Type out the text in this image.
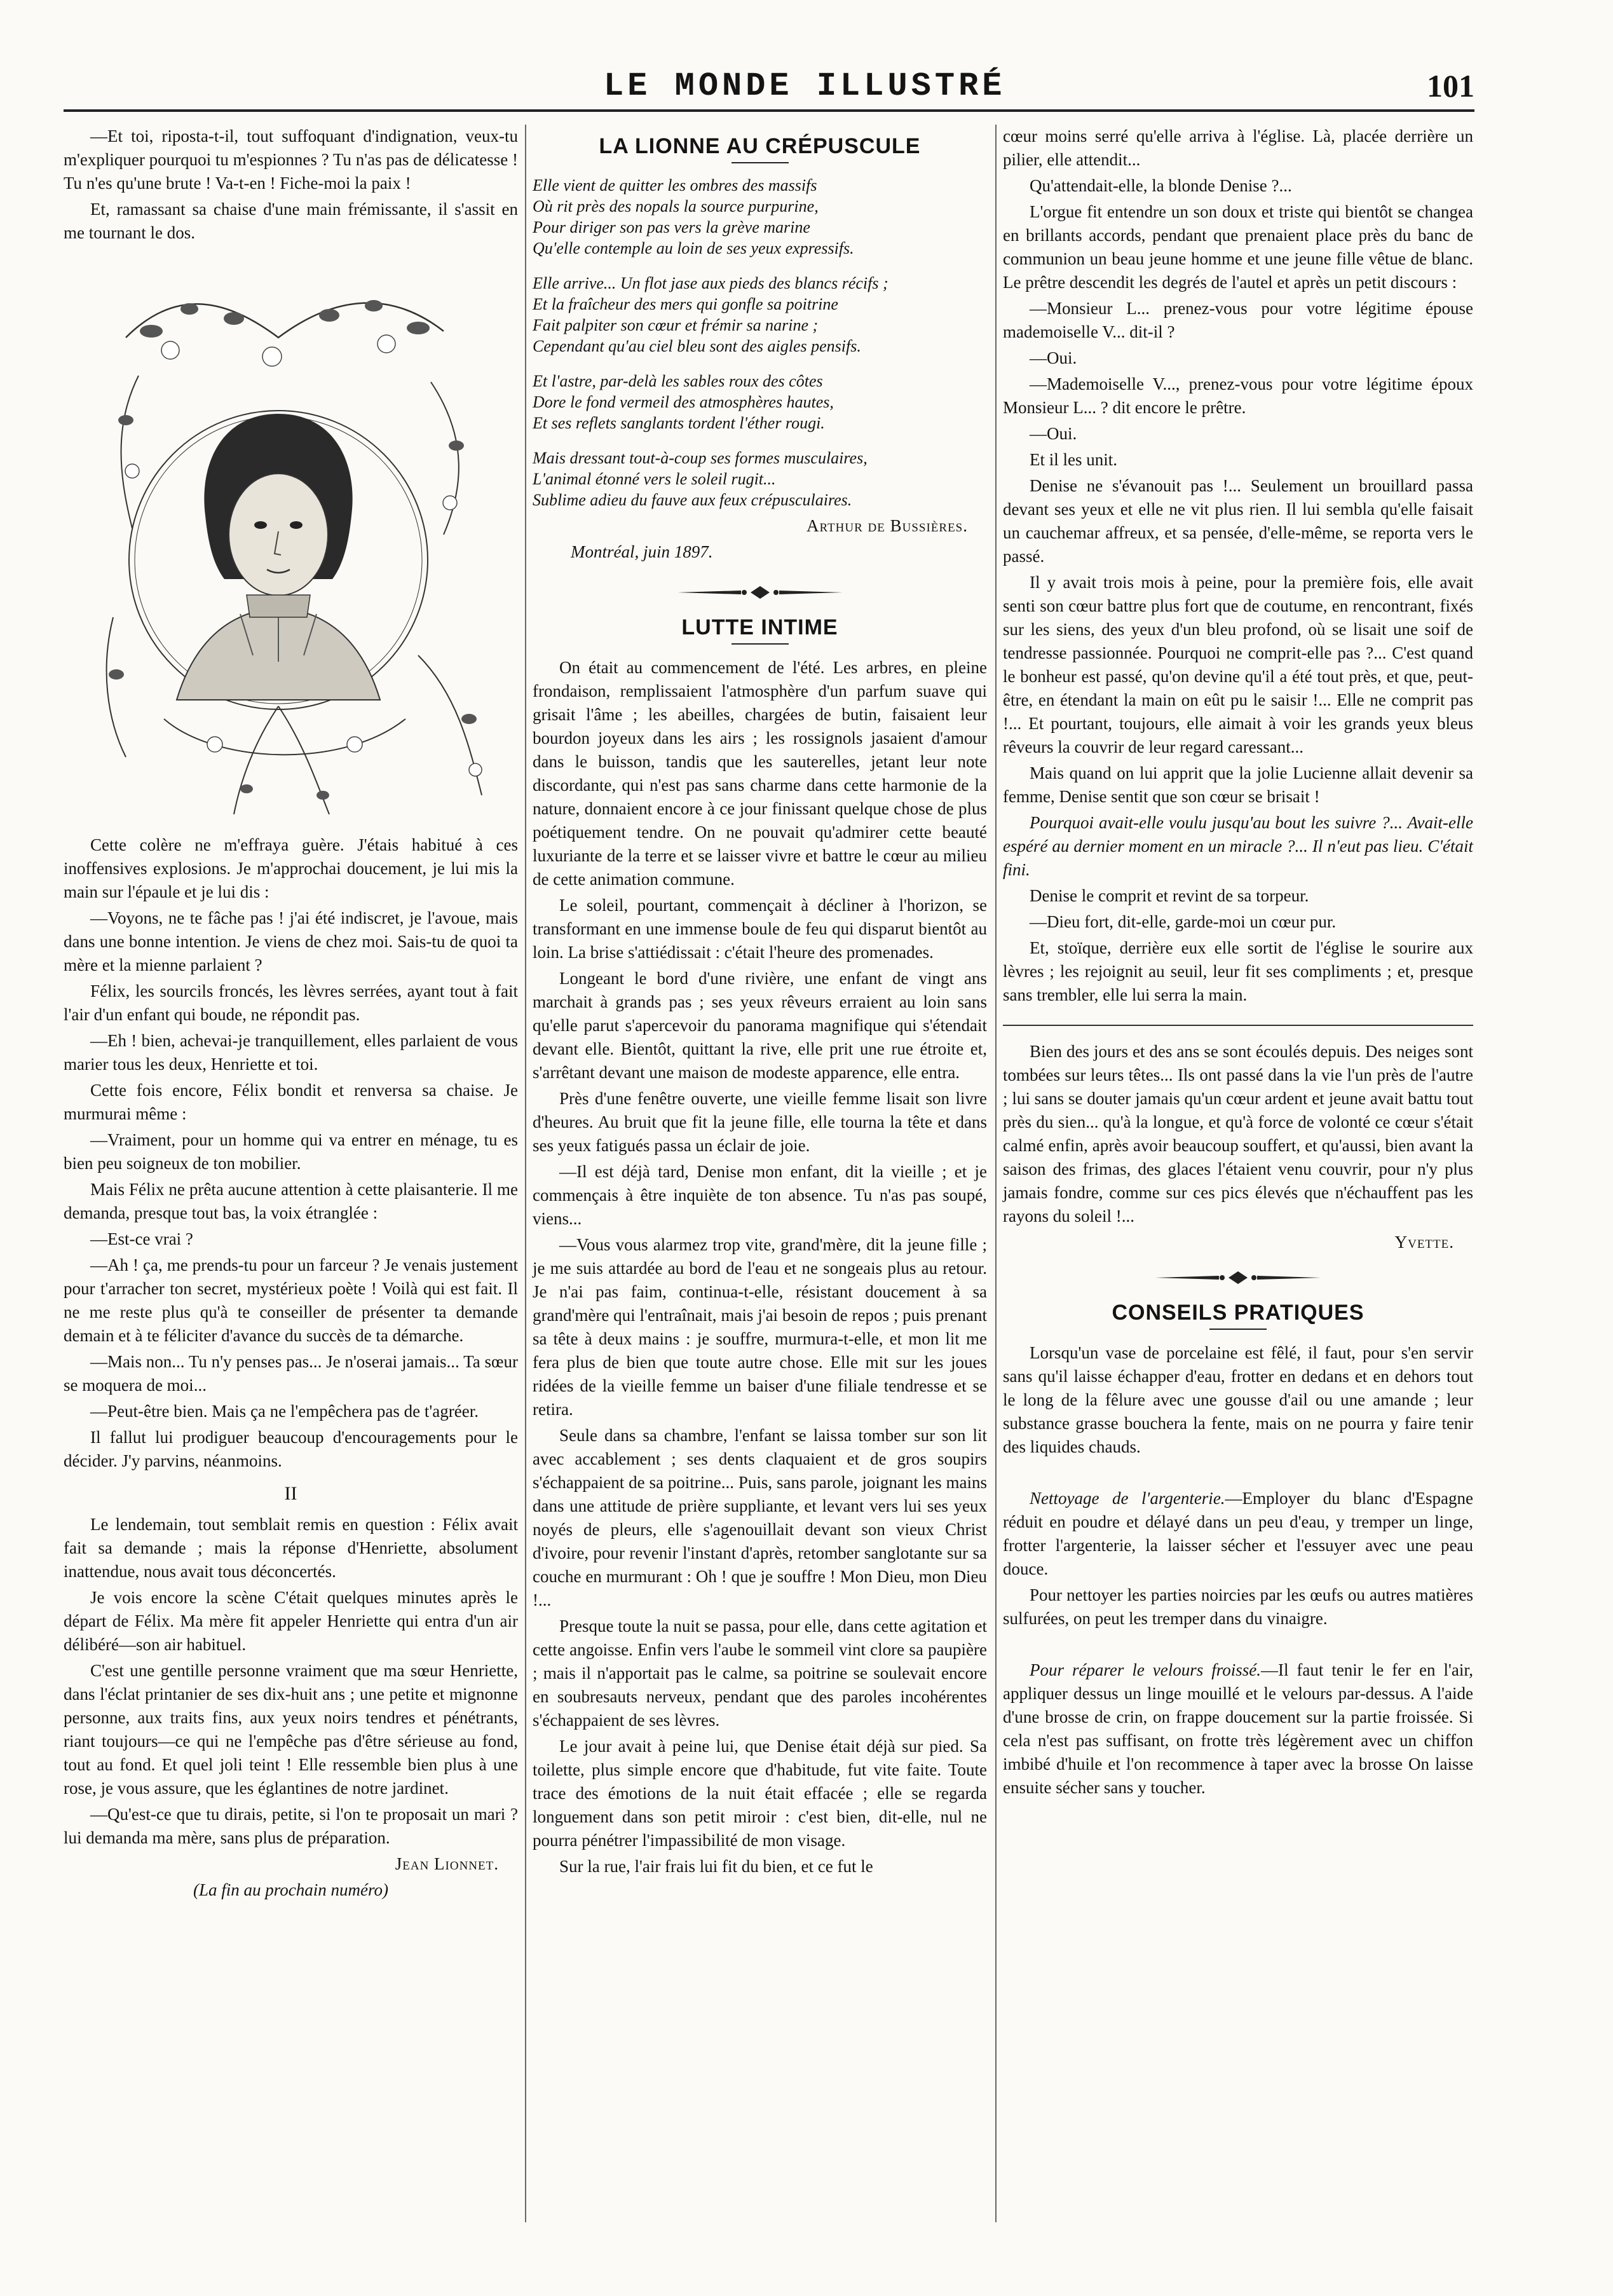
LE MONDE ILLUSTRÉ	101

—Et toi, riposta-t-il, tout suffoquant d'indignation, veux-tu m'expliquer pourquoi tu m'espionnes ? Tu n'as pas de délicatesse ! Tu n'es qu'une brute ! Va-t-en ! Fiche-moi la paix !

Et, ramassant sa chaise d'une main frémissante, il s'assit en me tournant le dos.

Cette colère ne m'effraya guère. J'étais habitué à ces inoffensives explosions. Je m'approchai doucement, je lui mis la main sur l'épaule et je lui dis :

—Voyons, ne te fâche pas ! j'ai été indiscret, je l'avoue, mais dans une bonne intention. Je viens de chez moi. Sais-tu de quoi ta mère et la mienne parlaient ?

Félix, les sourcils froncés, les lèvres serrées, ayant tout à fait l'air d'un enfant qui boude, ne répondit pas.

—Eh ! bien, achevai-je tranquillement, elles parlaient de vous marier tous les deux, Henriette et toi.

Cette fois encore, Félix bondit et renversa sa chaise. Je murmurai même :

—Vraiment, pour un homme qui va entrer en ménage, tu es bien peu soigneux de ton mobilier.

Mais Félix ne prêta aucune attention à cette plaisanterie. Il me demanda, presque tout bas, la voix étranglée :

—Est-ce vrai ?

—Ah ! ça, me prends-tu pour un farceur ? Je venais justement pour t'arracher ton secret, mystérieux poète ! Voilà qui est fait. Il ne me reste plus qu'à te conseiller de présenter ta demande demain et à te féliciter d'avance du succès de ta démarche.

—Mais non... Tu n'y penses pas... Je n'oserai jamais... Ta sœur se moquera de moi...

—Peut-être bien. Mais ça ne l'empêchera pas de t'agréer.

Il fallut lui prodiguer beaucoup d'encouragements pour le décider. J'y parvins, néanmoins.

II

Le lendemain, tout semblait remis en question : Félix avait fait sa demande ; mais la réponse d'Henriette, absolument inattendue, nous avait tous déconcertés.

Je vois encore la scène C'était quelques minutes après le départ de Félix. Ma mère fit appeler Henriette qui entra d'un air délibéré—son air habituel.

C'est une gentille personne vraiment que ma sœur Henriette, dans l'éclat printanier de ses dix-huit ans ; une petite et mignonne personne, aux traits fins, aux yeux noirs tendres et pénétrants, riant toujours—ce qui ne l'empêche pas d'être sérieuse au fond, tout au fond. Et quel joli teint ! Elle ressemble bien plus à une rose, je vous assure, que les églantines de notre jardinet.

—Qu'est-ce que tu dirais, petite, si l'on te proposait un mari ? lui demanda ma mère, sans plus de préparation.

Jean Lionnet.

(La fin au prochain numéro)

LA LIONNE AU CRÉPUSCULE
Elle vient de quitter les ombres des massifs
Où rit près des nopals la source purpurine,
Pour diriger son pas vers la grève marine
Qu'elle contemple au loin de ses yeux expressifs.
Elle arrive... Un flot jase aux pieds des blancs récifs ;
Et la fraîcheur des mers qui gonfle sa poitrine
Fait palpiter son cœur et frémir sa narine ;
Cependant qu'au ciel bleu sont des aigles pensifs.
Et l'astre, par-delà les sables roux des côtes
Dore le fond vermeil des atmosphères hautes,
Et ses reflets sanglants tordent l'éther rougi.
Mais dressant tout-à-coup ses formes musculaires,
L'animal étonné vers le soleil rugit...
Sublime adieu du fauve aux feux crépusculaires.

Arthur de Bussières.

Montréal, juin 1897.

LUTTE INTIME

On était au commencement de l'été. Les arbres, en pleine frondaison, remplissaient l'atmosphère d'un parfum suave qui grisait l'âme ; les abeilles, chargées de butin, faisaient leur bourdon joyeux dans les airs ; les rossignols jasaient d'amour dans le buisson, tandis que les sauterelles, jetant leur note discordante, qui n'est pas sans charme dans cette harmonie de la nature, donnaient encore à ce jour finissant quelque chose de plus poétiquement tendre. On ne pouvait qu'admirer cette beauté luxuriante de la terre et se laisser vivre et battre le cœur au milieu de cette animation commune.

Le soleil, pourtant, commençait à décliner à l'horizon, se transformant en une immense boule de feu qui disparut bientôt au loin. La brise s'attiédissait : c'était l'heure des promenades.

Longeant le bord d'une rivière, une enfant de vingt ans marchait à grands pas ; ses yeux rêveurs erraient au loin sans qu'elle parut s'apercevoir du panorama magnifique qui s'étendait devant elle. Bientôt, quittant la rive, elle prit une rue étroite et, s'arrêtant devant une maison de modeste apparence, elle entra.

Près d'une fenêtre ouverte, une vieille femme lisait son livre d'heures. Au bruit que fit la jeune fille, elle tourna la tête et dans ses yeux fatigués passa un éclair de joie.

—Il est déjà tard, Denise mon enfant, dit la vieille ; et je commençais à être inquiète de ton absence. Tu n'as pas soupé, viens...

—Vous vous alarmez trop vite, grand'mère, dit la jeune fille ; je me suis attardée au bord de l'eau et ne songeais plus au retour. Je n'ai pas faim, continua-t-elle, résistant doucement à sa grand'mère qui l'entraînait, mais j'ai besoin de repos ; puis prenant sa tête à deux mains : je souffre, murmura-t-elle, et mon lit me fera plus de bien que toute autre chose. Elle mit sur les joues ridées de la vieille femme un baiser d'une filiale tendresse et se retira.

Seule dans sa chambre, l'enfant se laissa tomber sur son lit avec accablement ; ses dents claquaient et de gros soupirs s'échappaient de sa poitrine... Puis, sans parole, joignant les mains dans une attitude de prière suppliante, et levant vers lui ses yeux noyés de pleurs, elle s'agenouillait devant son vieux Christ d'ivoire, pour revenir l'instant d'après, retomber sanglotante sur sa couche en murmurant : Oh ! que je souffre ! Mon Dieu, mon Dieu !...

Presque toute la nuit se passa, pour elle, dans cette agitation et cette angoisse. Enfin vers l'aube le sommeil vint clore sa paupière ; mais il n'apportait pas le calme, sa poitrine se soulevait encore en soubresauts nerveux, pendant que des paroles incohérentes s'échappaient de ses lèvres.

Le jour avait à peine lui, que Denise était déjà sur pied. Sa toilette, plus simple encore que d'habitude, fut vite faite. Toute trace des émotions de la nuit était effacée ; elle se regarda longuement dans son petit miroir : c'est bien, dit-elle, nul ne pourra pénétrer l'impassibilité de mon visage.

Sur la rue, l'air frais lui fit du bien, et ce fut le

cœur moins serré qu'elle arriva à l'église. Là, placée derrière un pilier, elle attendit...

Qu'attendait-elle, la blonde Denise ?...

L'orgue fit entendre un son doux et triste qui bientôt se changea en brillants accords, pendant que prenaient place près du banc de communion un beau jeune homme et une jeune fille vêtue de blanc. Le prêtre descendit les degrés de l'autel et après un petit discours :

—Monsieur L... prenez-vous pour votre légitime épouse mademoiselle V... dit-il ?

—Oui.

—Mademoiselle V..., prenez-vous pour votre légitime époux Monsieur L... ? dit encore le prêtre.

—Oui.

Et il les unit.

Denise ne s'évanouit pas !... Seulement un brouillard passa devant ses yeux et elle ne vit plus rien. Il lui sembla qu'elle faisait un cauchemar affreux, et sa pensée, d'elle-même, se reporta vers le passé.

Il y avait trois mois à peine, pour la première fois, elle avait senti son cœur battre plus fort que de coutume, en rencontrant, fixés sur les siens, des yeux d'un bleu profond, où se lisait une soif de tendresse passionnée. Pourquoi ne comprit-elle pas ?... C'est quand le bonheur est passé, qu'on devine qu'il a été tout près, et que, peut-être, en étendant la main on eût pu le saisir !... Elle ne comprit pas !... Et pourtant, toujours, elle aimait à voir les grands yeux bleus rêveurs la couvrir de leur regard caressant...

Mais quand on lui apprit que la jolie Lucienne allait devenir sa femme, Denise sentit que son cœur se brisait !

Pourquoi avait-elle voulu jusqu'au bout les suivre ?... Avait-elle espéré au dernier moment en un miracle ?... Il n'eut pas lieu. C'était fini.

Denise le comprit et revint de sa torpeur.

—Dieu fort, dit-elle, garde-moi un cœur pur.

Et, stoïque, derrière eux elle sortit de l'église le sourire aux lèvres ; les rejoignit au seuil, leur fit ses compliments ; et, presque sans trembler, elle lui serra la main.

Bien des jours et des ans se sont écoulés depuis. Des neiges sont tombées sur leurs têtes... Ils ont passé dans la vie l'un près de l'autre ; lui sans se douter jamais qu'un cœur ardent et jeune avait battu tout près du sien... qu'à la longue, et qu'à force de volonté ce cœur s'était calmé enfin, après avoir beaucoup souffert, et qu'aussi, bien avant la saison des frimas, des glaces l'étaient venu couvrir, pour n'y plus jamais fondre, comme sur ces pics élevés que n'échauffent pas les rayons du soleil !...

Yvette.

CONSEILS PRATIQUES

Lorsqu'un vase de porcelaine est fêlé, il faut, pour s'en servir sans qu'il laisse échapper d'eau, frotter en dedans et en dehors tout le long de la fêlure avec une gousse d'ail ou une amande ; leur substance grasse bouchera la fente, mais on ne pourra y faire tenir des liquides chauds.

Nettoyage de l'argenterie.—Employer du blanc d'Espagne réduit en poudre et délayé dans un peu d'eau, y tremper un linge, frotter l'argenterie, la laisser sécher et l'essuyer avec une peau douce.

Pour nettoyer les parties noircies par les œufs ou autres matières sulfurées, on peut les tremper dans du vinaigre.

Pour réparer le velours froissé.—Il faut tenir le fer en l'air, appliquer dessus un linge mouillé et le velours par-dessus. A l'aide d'une brosse de crin, on frappe doucement sur la partie froissée. Si cela n'est pas suffisant, on frotte très légèrement avec un chiffon imbibé d'huile et l'on recommence à taper avec la brosse On laisse ensuite sécher sans y toucher.
